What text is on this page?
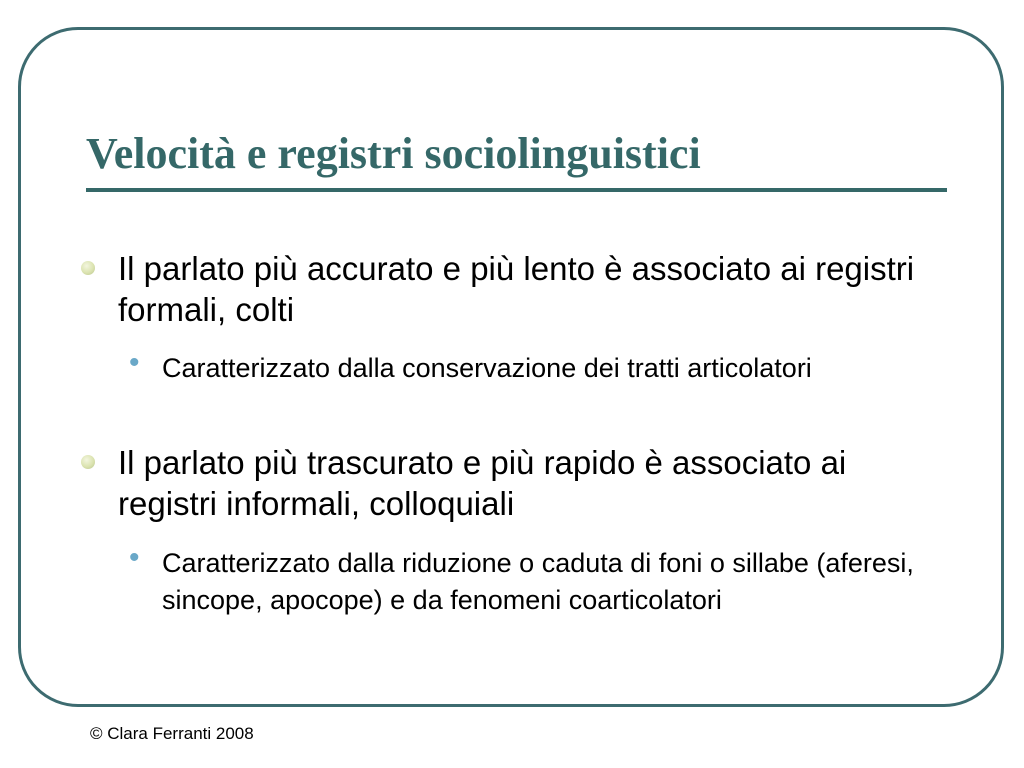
Velocità e registri sociolinguistici
Il parlato più accurato e più lento è associato ai registri formali, colti
• Caratterizzato dalla conservazione dei tratti articolatori
Il parlato più trascurato e più rapido è associato ai registri informali, colloquiali
• Caratterizzato dalla riduzione o caduta di foni o sillabe (aferesi, sincope, apocope) e da fenomeni coarticolatori
© Clara Ferranti 2008
